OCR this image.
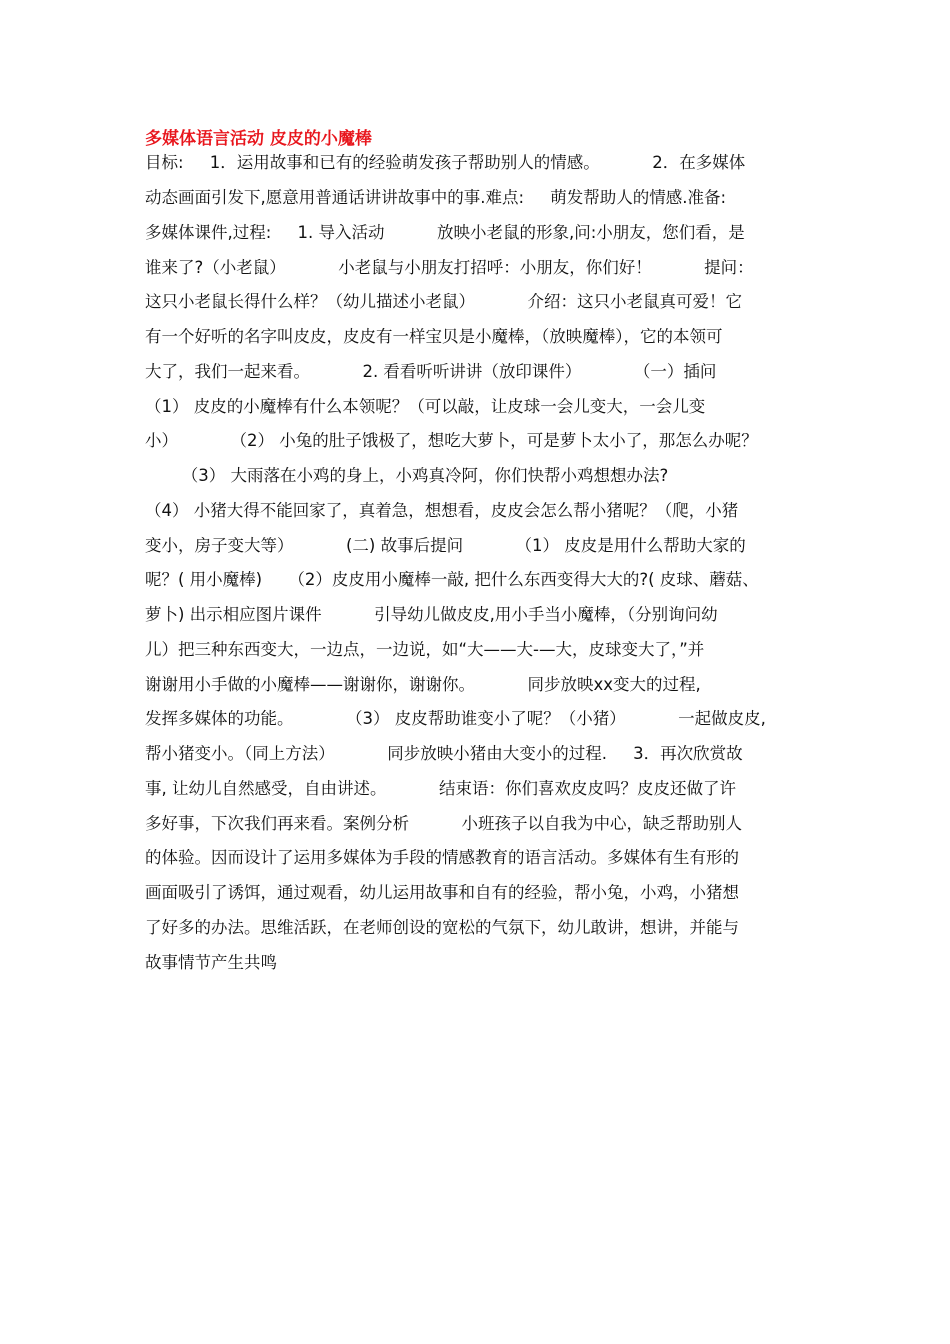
多媒体语言活动 皮皮的小魔棒
目标:     1．运用故事和已有的经验萌发孩子帮助别人的情感。          2．在多媒体
动态画面引发下,愿意用普通话讲讲故事中的事.难点:     萌发帮助人的情感.准备:
多媒体课件,过程:     1. 导入活动          放映小老鼠的形象,问:小朋友，您们看，是
谁来了?（小老鼠）          小老鼠与小朋友打招呼：小朋友，你们好！          提问：
这只小老鼠长得什么样？（幼儿描述小老鼠）          介绍：这只小老鼠真可爱！它
有一个好听的名字叫皮皮，皮皮有一样宝贝是小魔棒，（放映魔棒），它的本领可
大了，我们一起来看。          2. 看看听听讲讲（放印课件）          （一）插问
（1） 皮皮的小魔棒有什么本领呢？（可以敲，让皮球一会儿变大，一会儿变
小）          （2） 小兔的肚子饿极了，想吃大萝卜，可是萝卜太小了，那怎么办呢？
（3） 大雨落在小鸡的身上，小鸡真冷阿，你们快帮小鸡想想办法?
（4） 小猪大得不能回家了，真着急，想想看，皮皮会怎么帮小猪呢？（爬，小猪
变小，房子变大等）          (二) 故事后提问          （1） 皮皮是用什么帮助大家的
呢？( 用小魔棒)     （2）皮皮用小魔棒一敲, 把什么东西变得大大的?( 皮球、蘑菇、
萝卜) 出示相应图片课件          引导幼儿做皮皮,用小手当小魔棒，（分别询问幼
儿）把三种东西变大，一边点，一边说，如“大——大-—大，皮球变大了，”并
谢谢用小手做的小魔棒——谢谢你，谢谢你。          同步放映xx变大的过程,
发挥多媒体的功能。          （3） 皮皮帮助谁变小了呢？（小猪）          一起做皮皮,
帮小猪变小。（同上方法）          同步放映小猪由大变小的过程.     3．再次欣赏故
事, 让幼儿自然感受，自由讲述。          结束语：你们喜欢皮皮吗？皮皮还做了许
多好事，下次我们再来看。案例分析          小班孩子以自我为中心，缺乏帮助别人
的体验。因而设计了运用多媒体为手段的情感教育的语言活动。多媒体有生有形的
画面吸引了诱饵，通过观看，幼儿运用故事和自有的经验，帮小兔，小鸡，小猪想
了好多的办法。思维活跃，在老师创设的宽松的气氛下，幼儿敢讲，想讲，并能与
故事情节产生共鸣
